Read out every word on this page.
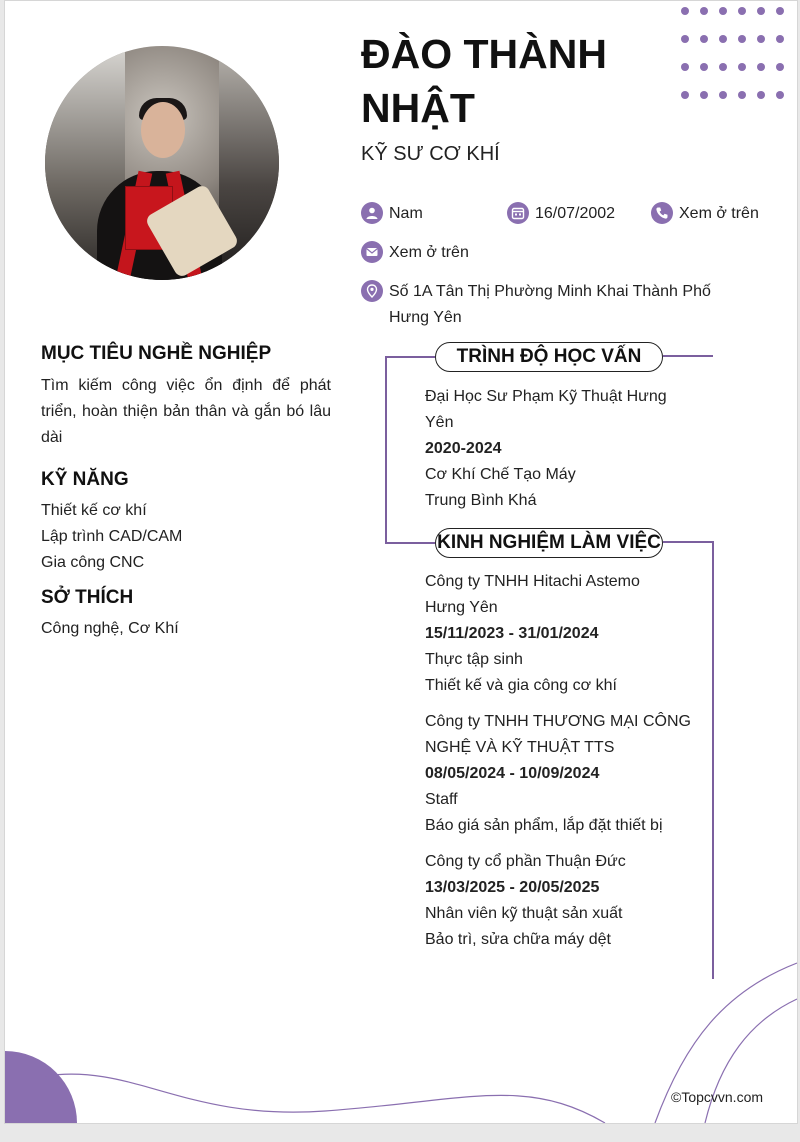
ĐÀO THÀNH NHẬT
KỸ SƯ CƠ KHÍ
Nam	16/07/2002	Xem ở trên
Xem ở trên
Số 1A Tân Thị Phường Minh Khai Thành Phố Hưng Yên
MỤC TIÊU NGHỀ NGHIỆP
Tìm kiếm công việc ổn định để phát triển, hoàn thiện bản thân và gắn bó lâu dài
KỸ NĂNG
Thiết kế cơ khí
Lập trình CAD/CAM
Gia công CNC
SỞ THÍCH
Công nghệ, Cơ Khí
TRÌNH ĐỘ HỌC VẤN
Đại Học Sư Phạm Kỹ Thuật Hưng Yên
2020-2024
Cơ Khí Chế Tạo Máy
Trung Bình Khá
KINH NGHIỆM LÀM VIỆC
Công ty TNHH Hitachi Astemo Hưng Yên
15/11/2023 - 31/01/2024
Thực tập sinh
Thiết kế và gia công cơ khí
Công ty TNHH THƯƠNG MẠI CÔNG NGHỆ VÀ KỸ THUẬT TTS
08/05/2024 - 10/09/2024
Staff
Báo giá sản phẩm, lắp đặt thiết bị
Công ty cổ phần Thuận Đức
13/03/2025 - 20/05/2025
Nhân viên kỹ thuật sản xuất
Bảo trì, sửa chữa máy dệt
©Topcvvn.com
